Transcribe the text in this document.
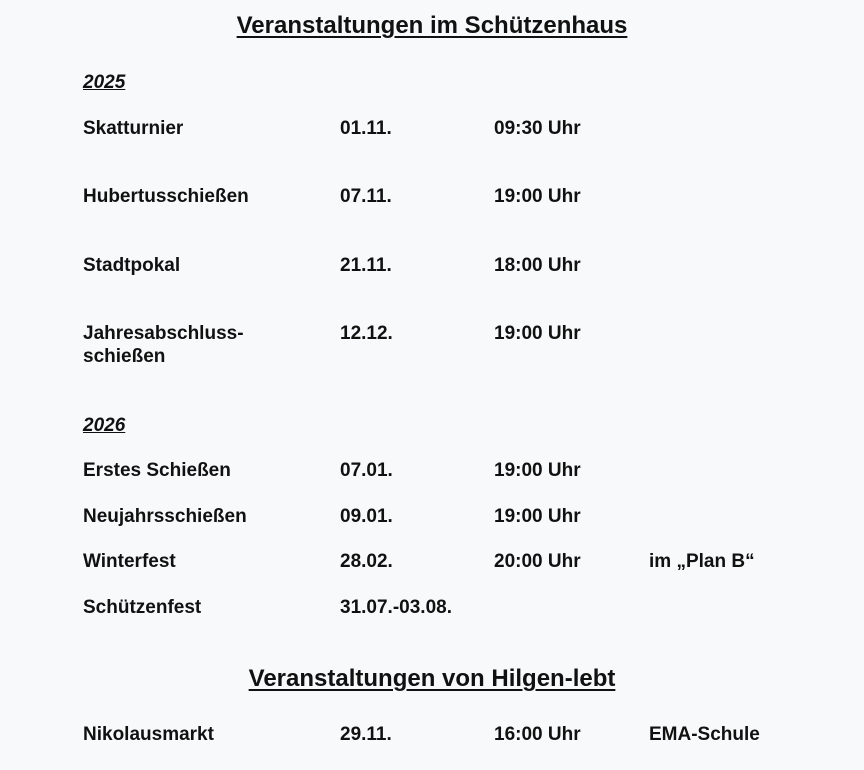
Veranstaltungen im Schützenhaus
2025
Skatturnier	01.11.	09:30 Uhr
Hubertusschießen	07.11.	19:00 Uhr
Stadtpokal	21.11.	18:00 Uhr
Jahresabschluss-
schießen
12.12.	19:00 Uhr
2026
Erstes Schießen	07.01.	19:00 Uhr
Neujahrsschießen	09.01.	19:00 Uhr
Winterfest	28.02.	20:00 Uhr	im „Plan B“
Schützenfest	31.07.-03.08.
Veranstaltungen von Hilgen-lebt
Nikolausmarkt	29.11.	16:00 Uhr	EMA-Schule
